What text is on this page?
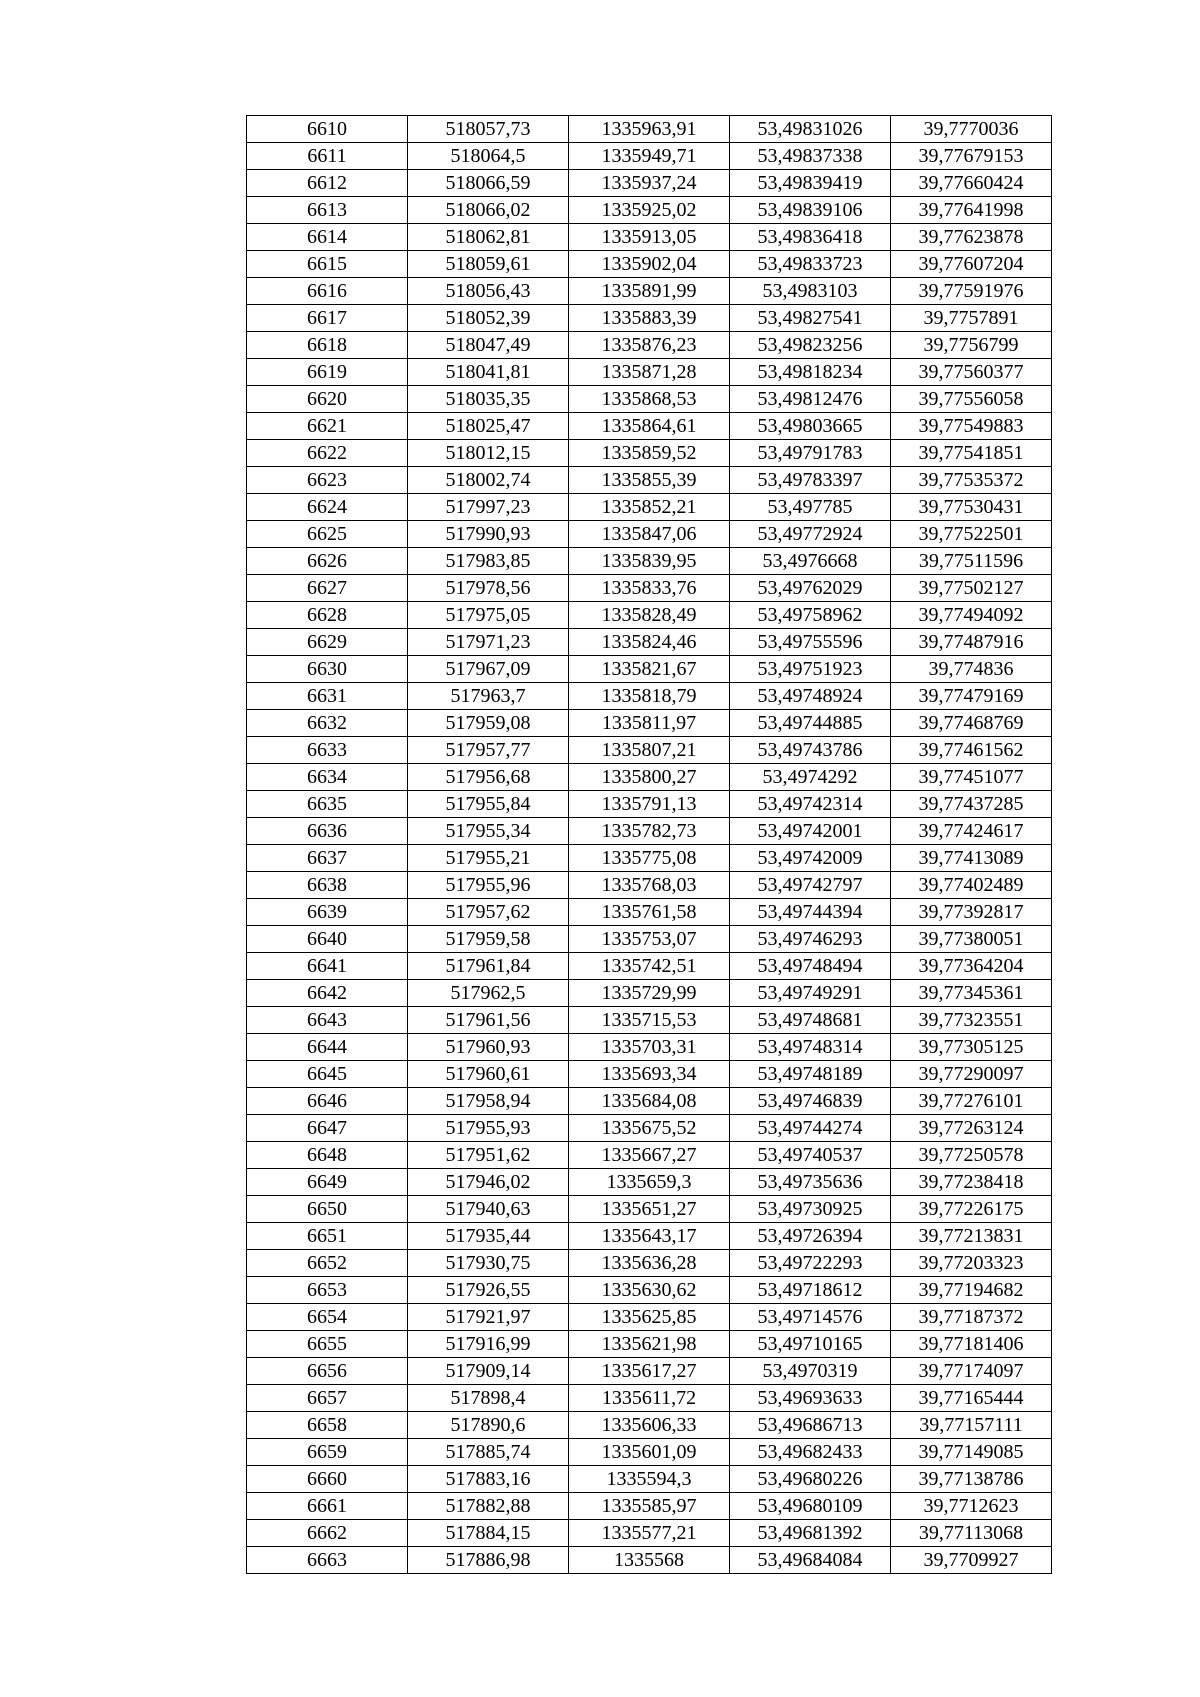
6610	518057,73	1335963,91	53,49831026	39,7770036
6611	518064,5	1335949,71	53,49837338	39,77679153
6612	518066,59	1335937,24	53,49839419	39,77660424
6613	518066,02	1335925,02	53,49839106	39,77641998
6614	518062,81	1335913,05	53,49836418	39,77623878
6615	518059,61	1335902,04	53,49833723	39,77607204
6616	518056,43	1335891,99	53,4983103	39,77591976
6617	518052,39	1335883,39	53,49827541	39,7757891
6618	518047,49	1335876,23	53,49823256	39,7756799
6619	518041,81	1335871,28	53,49818234	39,77560377
6620	518035,35	1335868,53	53,49812476	39,77556058
6621	518025,47	1335864,61	53,49803665	39,77549883
6622	518012,15	1335859,52	53,49791783	39,77541851
6623	518002,74	1335855,39	53,49783397	39,77535372
6624	517997,23	1335852,21	53,497785	39,77530431
6625	517990,93	1335847,06	53,49772924	39,77522501
6626	517983,85	1335839,95	53,4976668	39,77511596
6627	517978,56	1335833,76	53,49762029	39,77502127
6628	517975,05	1335828,49	53,49758962	39,77494092
6629	517971,23	1335824,46	53,49755596	39,77487916
6630	517967,09	1335821,67	53,49751923	39,774836
6631	517963,7	1335818,79	53,49748924	39,77479169
6632	517959,08	1335811,97	53,49744885	39,77468769
6633	517957,77	1335807,21	53,49743786	39,77461562
6634	517956,68	1335800,27	53,4974292	39,77451077
6635	517955,84	1335791,13	53,49742314	39,77437285
6636	517955,34	1335782,73	53,49742001	39,77424617
6637	517955,21	1335775,08	53,49742009	39,77413089
6638	517955,96	1335768,03	53,49742797	39,77402489
6639	517957,62	1335761,58	53,49744394	39,77392817
6640	517959,58	1335753,07	53,49746293	39,77380051
6641	517961,84	1335742,51	53,49748494	39,77364204
6642	517962,5	1335729,99	53,49749291	39,77345361
6643	517961,56	1335715,53	53,49748681	39,77323551
6644	517960,93	1335703,31	53,49748314	39,77305125
6645	517960,61	1335693,34	53,49748189	39,77290097
6646	517958,94	1335684,08	53,49746839	39,77276101
6647	517955,93	1335675,52	53,49744274	39,77263124
6648	517951,62	1335667,27	53,49740537	39,77250578
6649	517946,02	1335659,3	53,49735636	39,77238418
6650	517940,63	1335651,27	53,49730925	39,77226175
6651	517935,44	1335643,17	53,49726394	39,77213831
6652	517930,75	1335636,28	53,49722293	39,77203323
6653	517926,55	1335630,62	53,49718612	39,77194682
6654	517921,97	1335625,85	53,49714576	39,77187372
6655	517916,99	1335621,98	53,49710165	39,77181406
6656	517909,14	1335617,27	53,4970319	39,77174097
6657	517898,4	1335611,72	53,49693633	39,77165444
6658	517890,6	1335606,33	53,49686713	39,77157111
6659	517885,74	1335601,09	53,49682433	39,77149085
6660	517883,16	1335594,3	53,49680226	39,77138786
6661	517882,88	1335585,97	53,49680109	39,7712623
6662	517884,15	1335577,21	53,49681392	39,77113068
6663	517886,98	1335568	53,49684084	39,7709927
